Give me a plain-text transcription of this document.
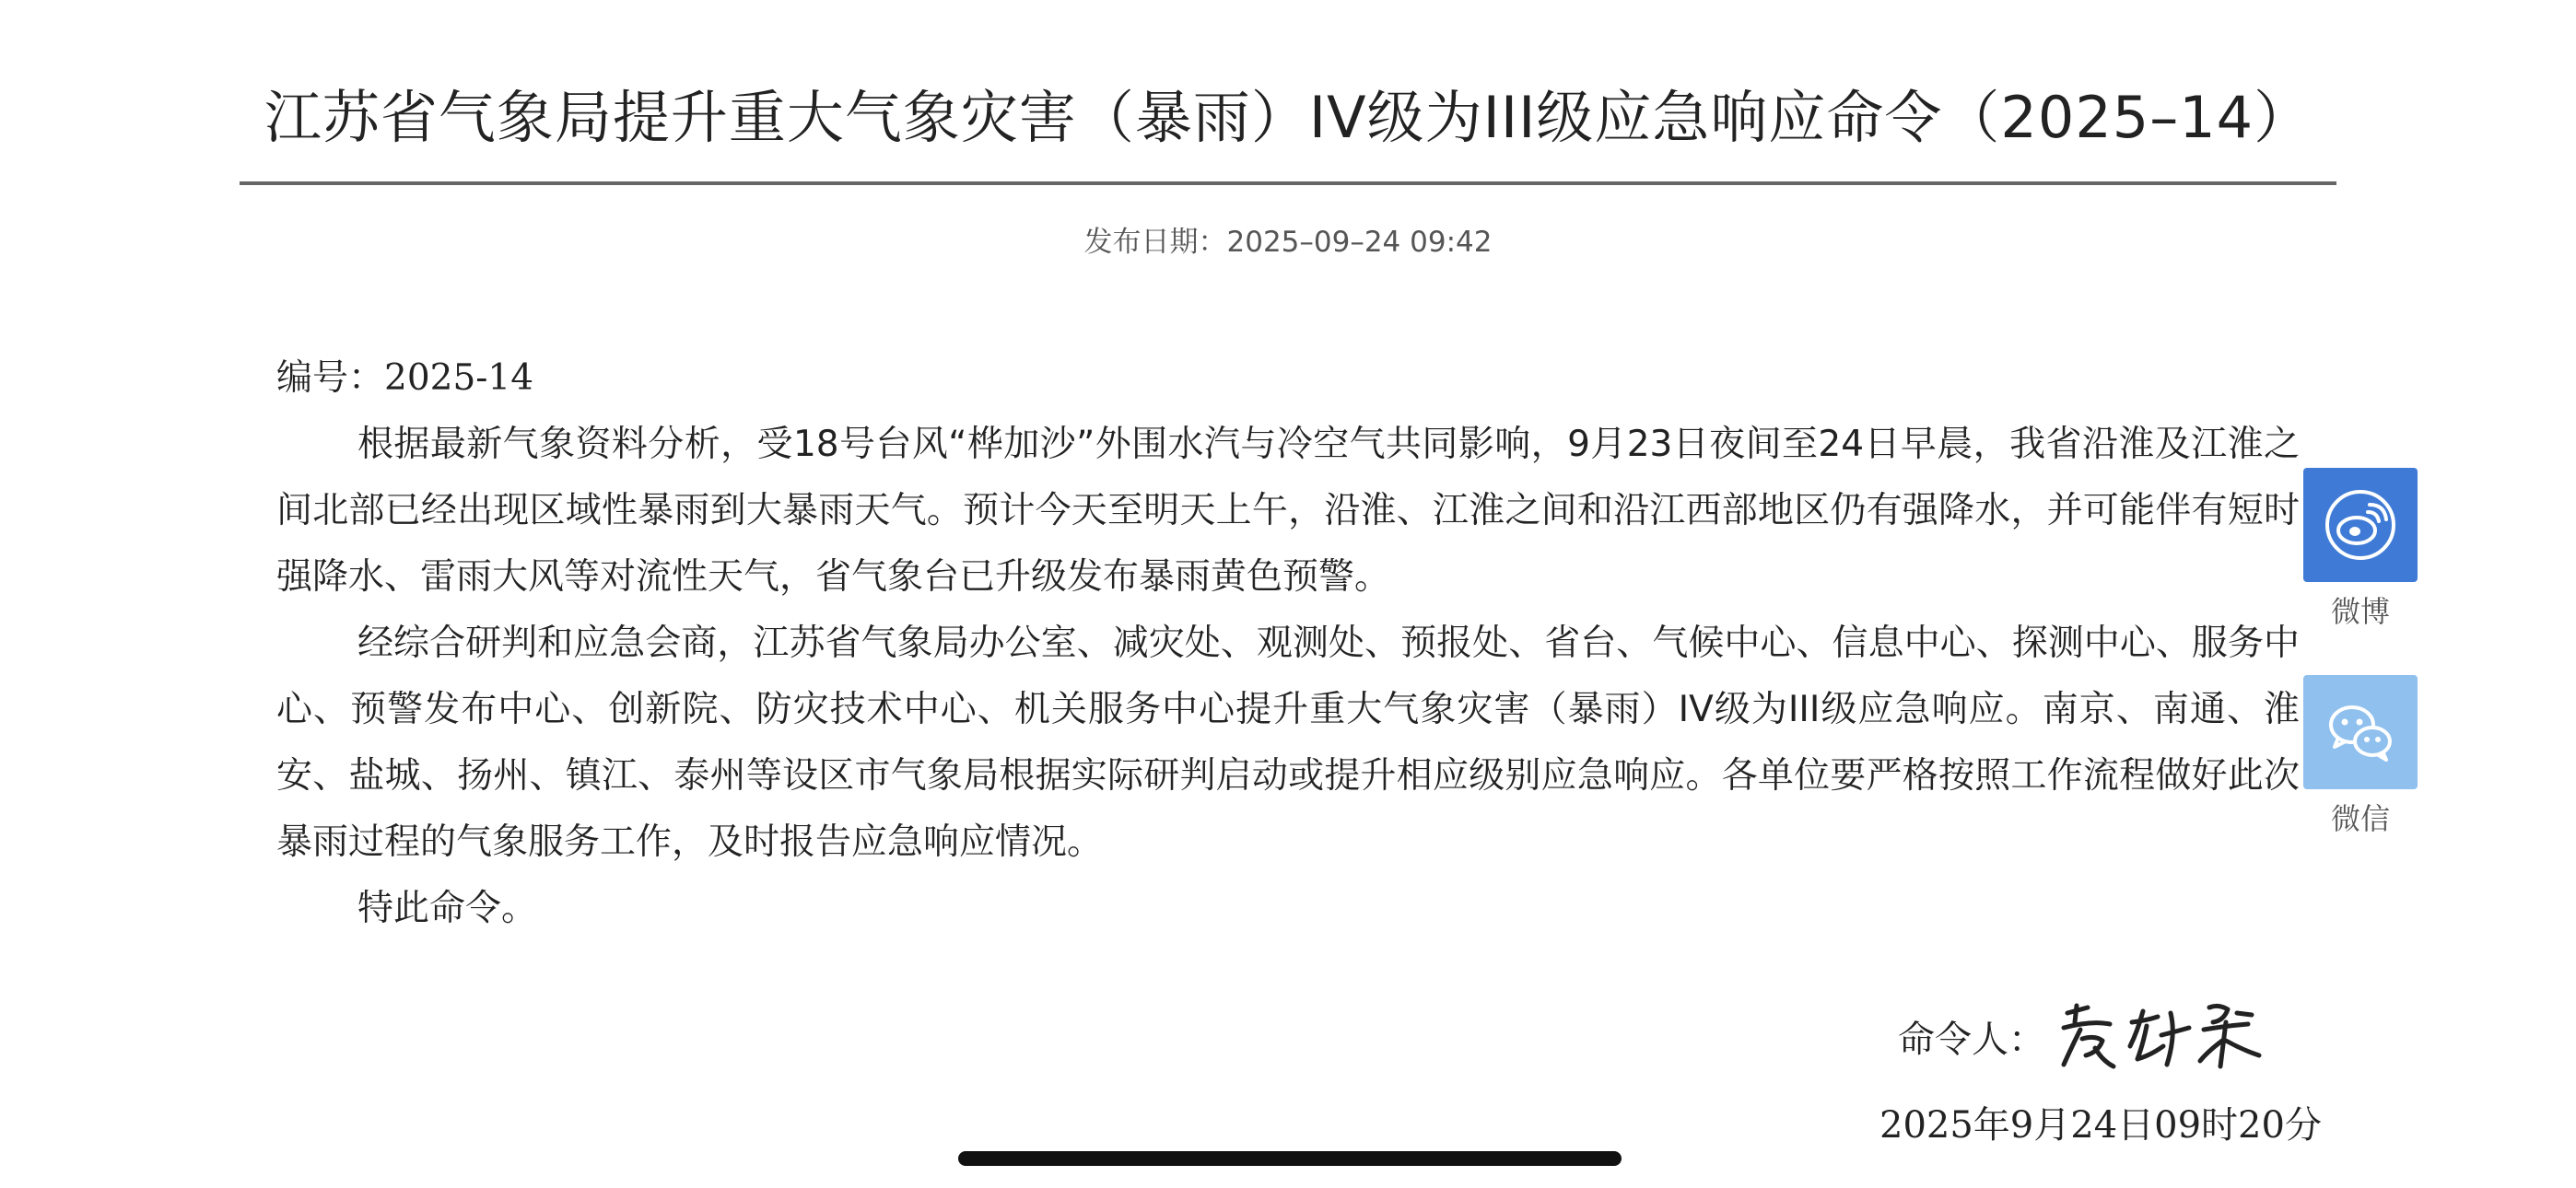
江苏省气象局提升重大气象灾害（暴雨）IV级为III级应急响应命令（2025–14）
发布日期：2025–09–24 09:42

编号：2025-14

根据最新气象资料分析，受18号台风“桦加沙”外围水汽与冷空气共同影响，9月23日夜间至24日早晨，我省沿淮及江淮之间北部已经出现区域性暴雨到大暴雨天气。预计今天至明天上午，沿淮、江淮之间和沿江西部地区仍有强降水，并可能伴有短时强降水、雷雨大风等对流性天气，省气象台已升级发布暴雨黄色预警。

经综合研判和应急会商，江苏省气象局办公室、减灾处、观测处、预报处、省台、气候中心、信息中心、探测中心、服务中心、预警发布中心、创新院、防灾技术中心、机关服务中心提升重大气象灾害（暴雨）IV级为III级应急响应。南京、南通、淮安、盐城、扬州、镇江、泰州等设区市气象局根据实际研判启动或提升相应级别应急响应。各单位要严格按照工作流程做好此次暴雨过程的气象服务工作，及时报告应急响应情况。

特此命令。

微博
微信
命令人：
2025年9月24日09时20分
